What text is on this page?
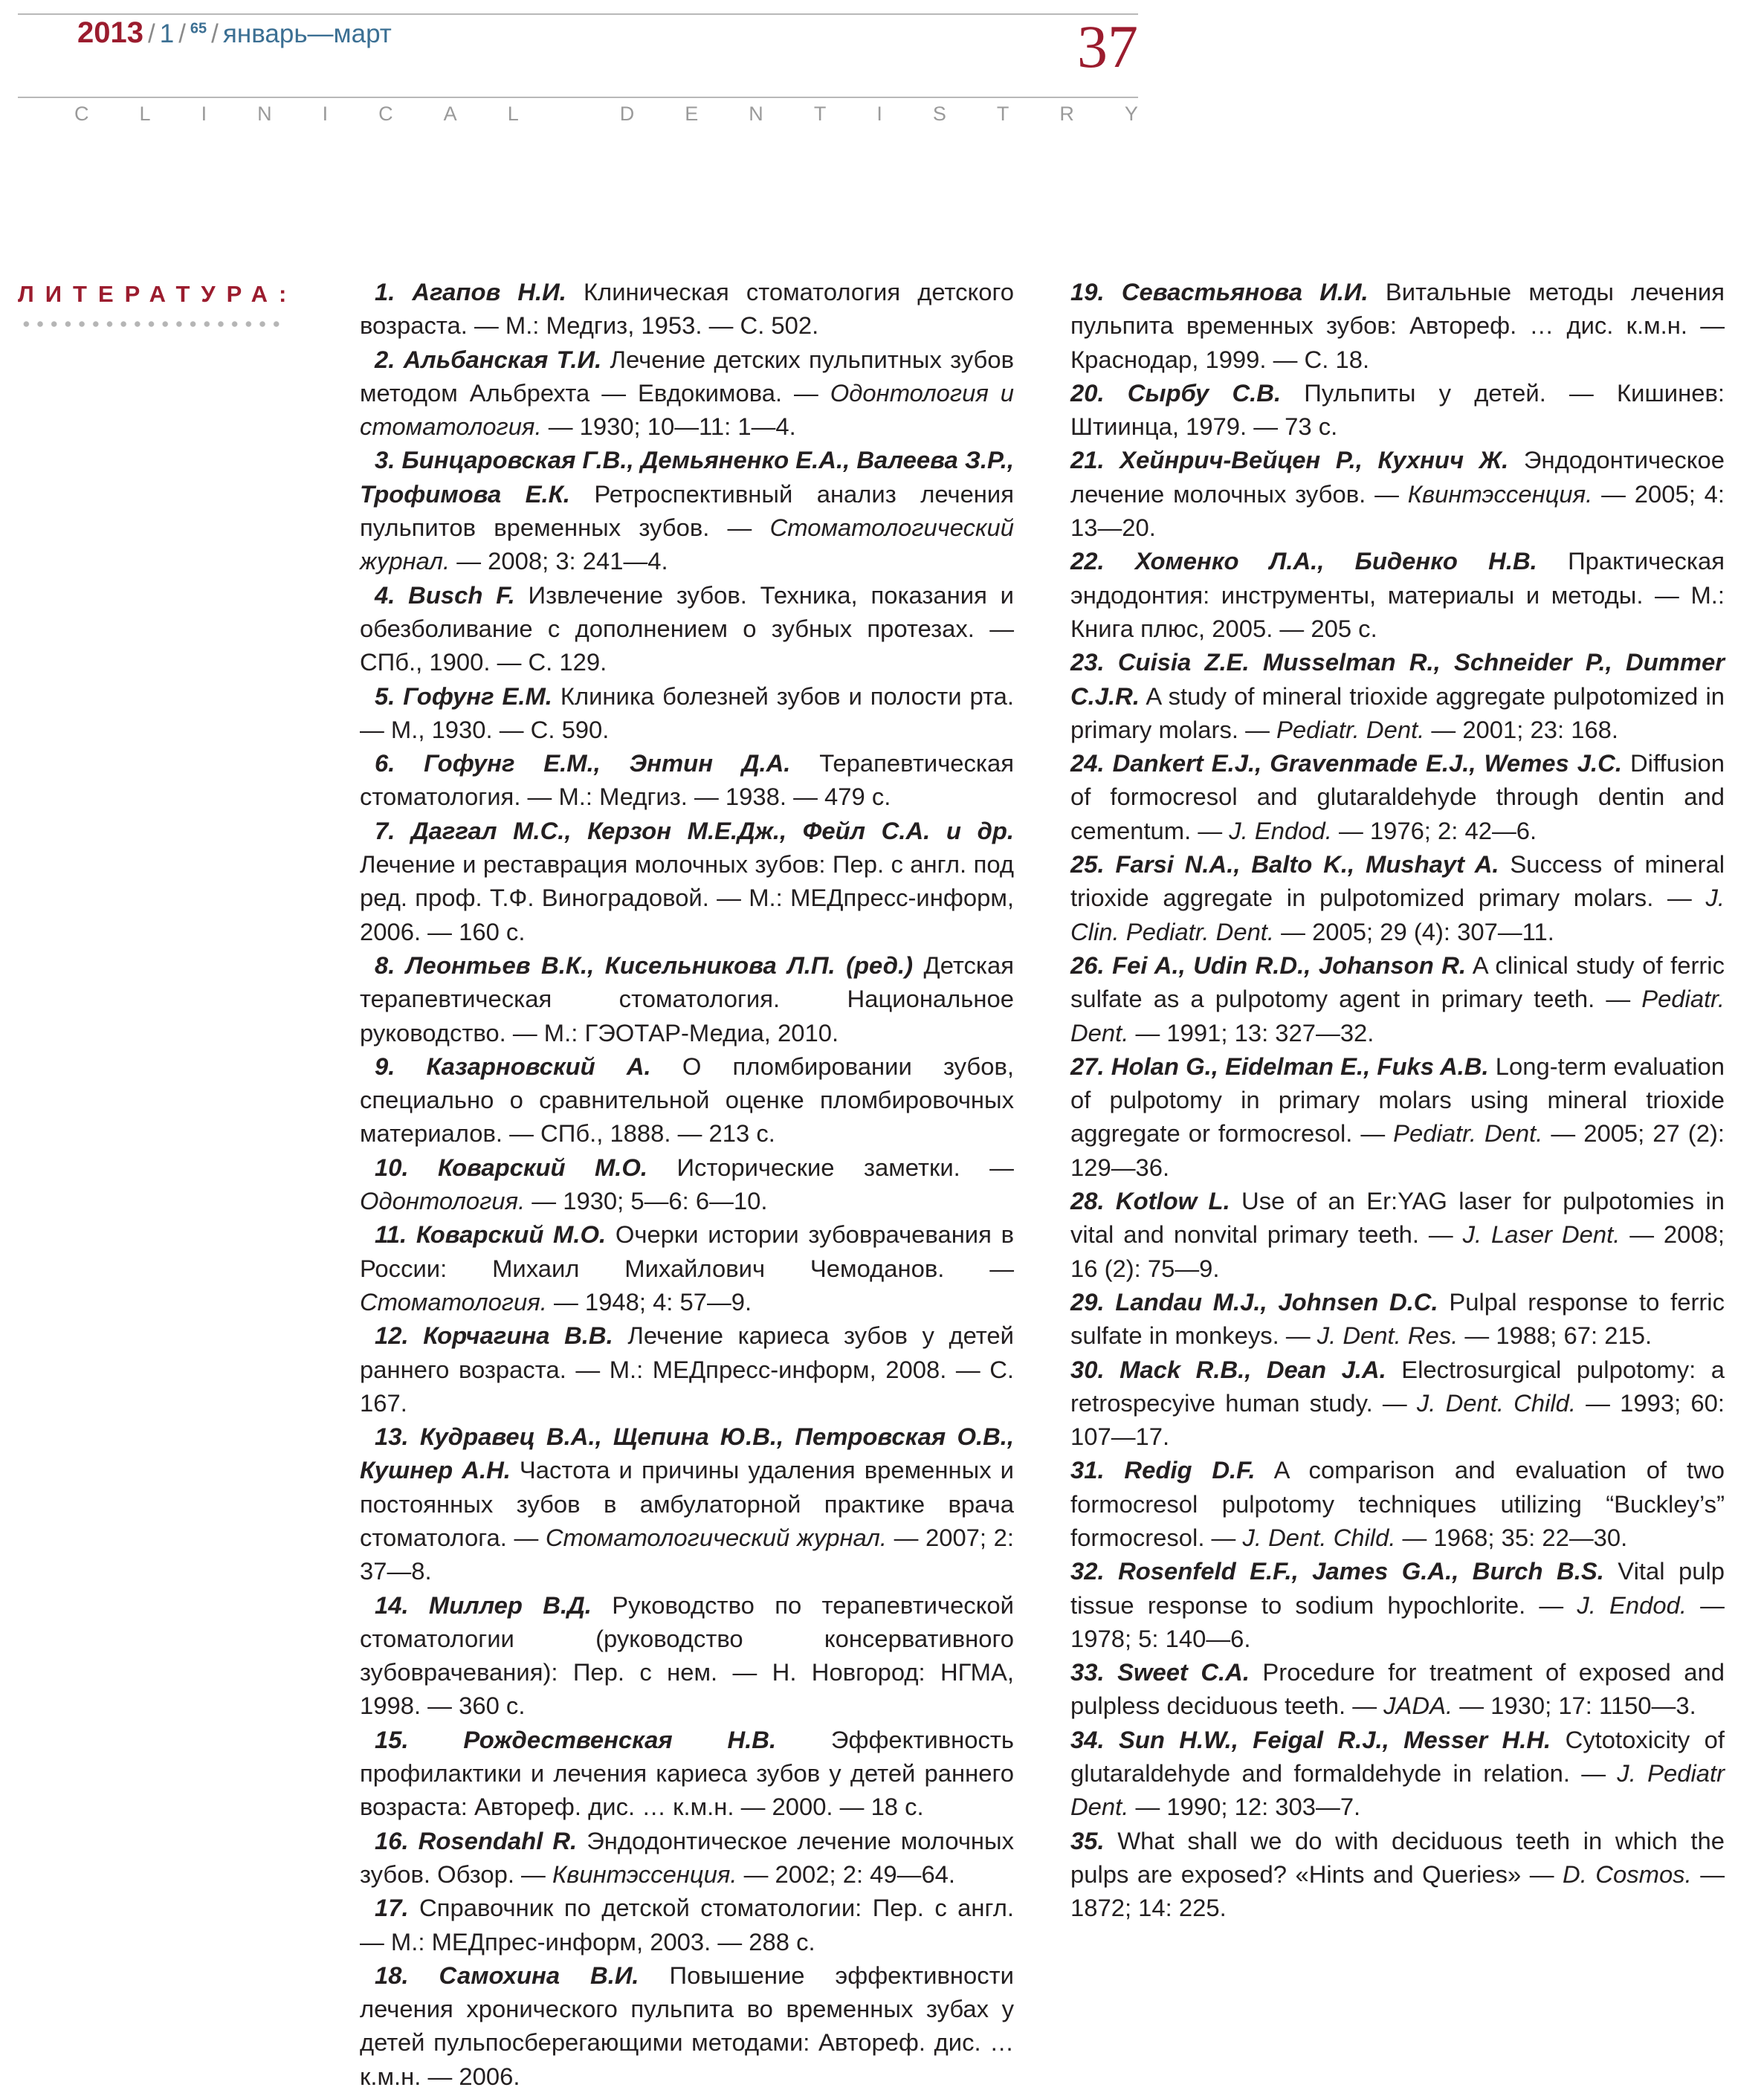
2013 / 1 / $^{65}$ / январь—март	37
C	L	I	N	I	C	A	L	D	E	N	T	I	S	T	R	Y
ЛИТЕРАТУРА:	1. Агапов Н.И. Клиническая стоматология детского возраста. — М.: Медгиз, 1953. — С. 502.
2. Альбанская Т.И. Лечение детских пульпитных зубов методом Альбрехта — Евдокимова. — Одонтология и стоматология. — 1930; 10—11: 1—4.
3. Бинцаровская Г.В., Демьяненко Е.А., Валеева З.Р., Трофимова Е.К. Ретроспективный анализ лечения пульпитов временных зубов. — Стоматологический журнал. — 2008; 3: 241—4.
4. Busch F. Извлечение зубов. Техника, показания и обезболивание с дополнением о зубных протезах. — СПб., 1900. — С. 129.
5. Гофунг Е.М. Клиника болезней зубов и полости рта. — М., 1930. — С. 590.
6. Гофунг Е.М., Энтин Д.А. Терапевтическая стоматология. — М.: Медгиз. — 1938. — 479 с.
7. Даггал М.С., Керзон М.Е.Дж., Фейл С.А. и др. Лечение и реставрация молочных зубов: Пер. с англ. под ред. проф. Т.Ф. Виноградовой. — М.: МЕДпресс-информ, 2006. — 160 с.
8. Леонтьев В.К., Кисельникова Л.П. (ред.) Детская терапевтическая стоматология. Национальное руководство. — М.: ГЭОТАР-Медиа, 2010.
9. Казарновский А. О пломбировании зубов, специально о сравнительной оценке пломбировочных материалов. — СПб., 1888. — 213 с.
10. Коварский М.О. Исторические заметки. — Одонтология. — 1930; 5—6: 6—10.
11. Коварский М.О. Очерки истории зубоврачевания в России: Михаил Михайлович Чемоданов. — Стоматология. — 1948; 4: 57—9.
12. Корчагина В.В. Лечение кариеса зубов у детей раннего возраста. — М.: МЕДпресс-информ, 2008. — С. 167.
13. Кудравец В.А., Щепина Ю.В., Петровская О.В., Кушнер А.Н. Частота и причины удаления временных и постоянных зубов в амбулаторной практике врача стоматолога. — Стоматологический журнал. — 2007; 2: 37—8.
14. Миллер В.Д. Руководство по терапевтической стоматологии (руководство консервативного зубоврачевания): Пер. с нем. — Н. Новгород: НГМА, 1998. — 360 с.
15. Рождественская Н.В. Эффективность профилактики и лечения кариеса зубов у детей раннего возраста: Автореф. дис. … к.м.н. — 2000. — 18 с.
16. Rosendahl R. Эндодонтическое лечение молочных зубов. Обзор. — Квинтэссенция. — 2002; 2: 49—64.
17. Справочник по детской стоматологии: Пер. с англ. — М.: МЕДпрес-информ, 2003. — 288 с.
18. Самохина В.И. Повышение эффективности лечения хронического пульпита во временных зубах у детей пульпосберегающими методами: Автореф. дис. … к.м.н. — 2006.
19. Севастьянова И.И. Витальные методы лечения пульпита временных зубов: Автореф. … дис. к.м.н. — Краснодар, 1999. — С. 18.
20. Сырбу С.В. Пульпиты у детей. — Кишинев: Штиинца, 1979. — 73 с.
21. Хейнрич-Вейцен Р., Кухнич Ж. Эндодонтическое лечение молочных зубов. — Квинтэссенция. — 2005; 4: 13—20.
22. Хоменко Л.А., Биденко Н.В. Практическая эндодонтия: инструменты, материалы и методы. — М.: Книга плюс, 2005. — 205 с.
23. Cuisia Z.E. Musselman R., Schneider P., Dummer C.J.R. A study of mineral trioxide aggregate pulpotomized in primary molars. — Pediatr. Dent. — 2001; 23: 168.
24. Dankert E.J., Gravenmade E.J., Wemes J.C. Diffusion of formocresol and glutaraldehyde through dentin and cementum. — J. Endod. — 1976; 2: 42—6.
25. Farsi N.A., Balto K., Mushayt A. Success of mineral trioxide aggregate in pulpotomized primary molars. — J. Clin. Pediatr. Dent. — 2005; 29 (4): 307—11.
26. Fei A., Udin R.D., Johanson R. A clinical study of ferric sulfate as a pulpotomy agent in primary teeth. — Pediatr. Dent. — 1991; 13: 327—32.
27. Holan G., Eidelman E., Fuks A.B. Long-term evaluation of pulpotomy in primary molars using mineral trioxide aggregate or formocresol. — Pediatr. Dent. — 2005; 27 (2): 129—36.
28. Kotlow L. Use of an Er:YAG laser for pulpotomies in vital and nonvital primary teeth. — J. Laser Dent. — 2008; 16 (2): 75—9.
29. Landau M.J., Johnsen D.C. Pulpal response to ferric sulfate in monkeys. — J. Dent. Res. — 1988; 67: 215.
30. Mack R.B., Dean J.A. Electrosurgical pulpotomy: a retrospecyive human study. — J. Dent. Child. — 1993; 60: 107—17.
31. Redig D.F. A comparison and evaluation of two formocresol pulpotomy techniques utilizing “Buckley’s” formocresol. — J. Dent. Child. — 1968; 35: 22—30.
32. Rosenfeld E.F., James G.A., Burch B.S. Vital pulp tissue response to sodium hypochlorite. — J. Endod. — 1978; 5: 140—6.
33. Sweet C.A. Procedure for treatment of exposed and pulpless deciduous teeth. — JADA. — 1930; 17: 1150—3.
34. Sun H.W., Feigal R.J., Messer H.H. Cytotoxicity of glutaraldehyde and formaldehyde in relation. — J. Pediatr Dent. — 1990; 12: 303—7.
35. What shall we do with deciduous teeth in which the pulps are exposed? «Hints and Queries» — D. Cosmos. — 1872; 14: 225.
